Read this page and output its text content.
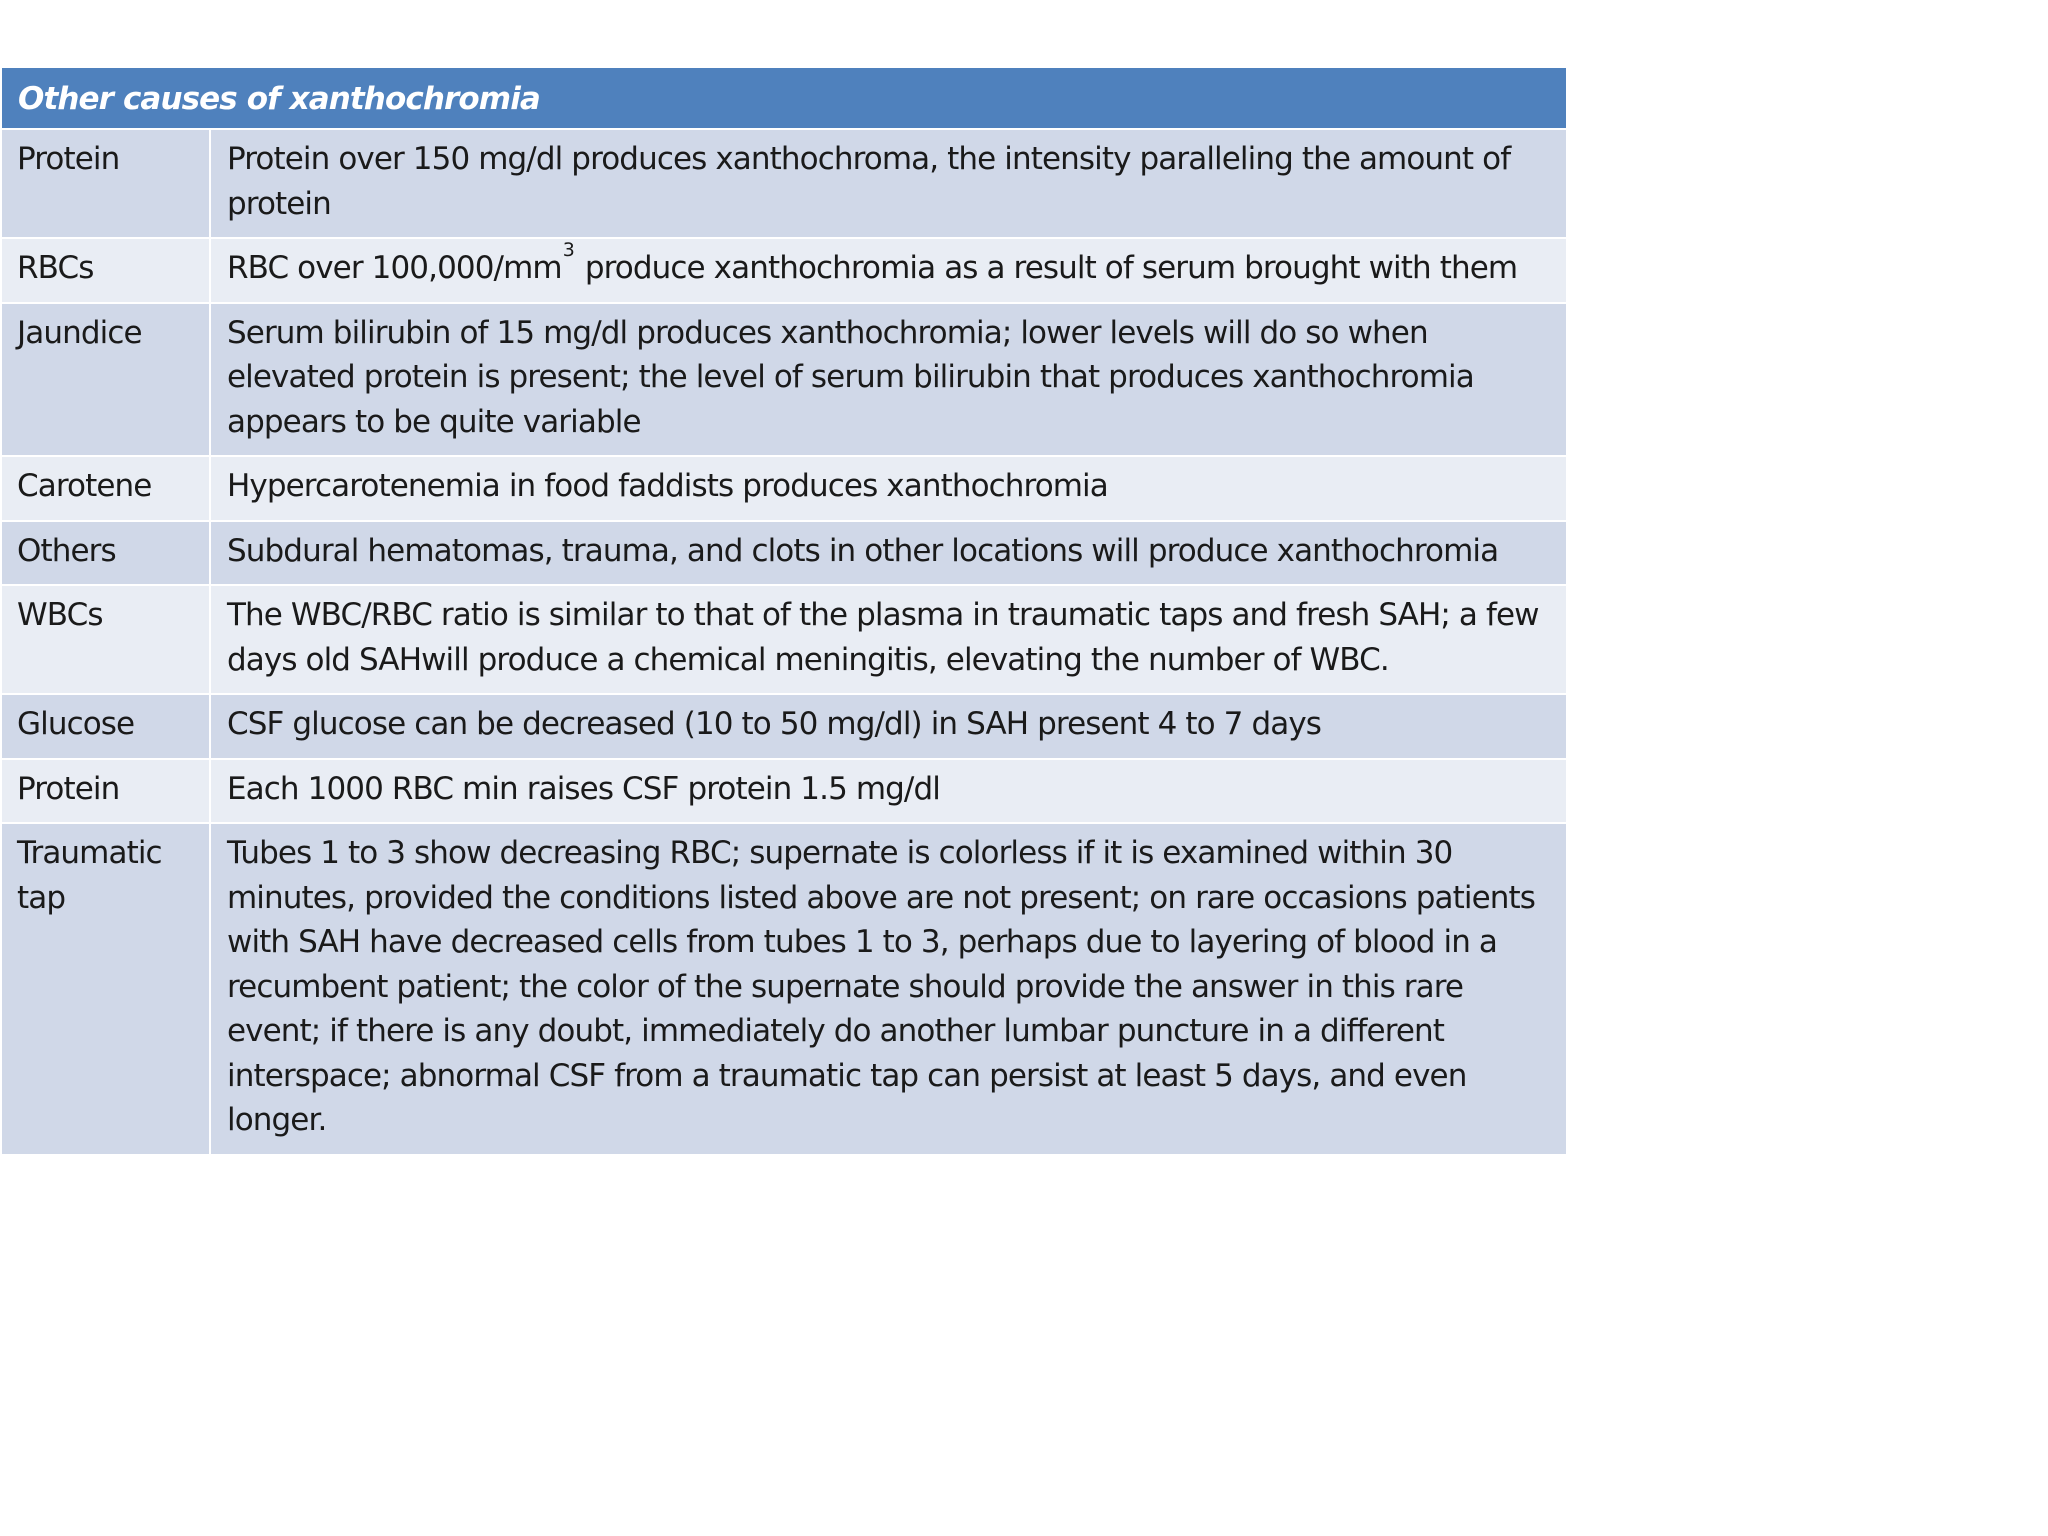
Other causes of xanthochromia	
Protein	Protein over 150 mg/dl produces xanthochroma, the intensity paralleling the amount of protein
RBCs	RBC over $100,000/mm^3$ produce xanthochromia as a result of serum brought with them
Jaundice	Serum bilirubin of 15 mg/dl produces xanthochromia; lower levels will do so when elevated protein is present; the level of serum bilirubin that produces xanthochromia appears to be quite variable
Carotene	Hypercarotenemia in food faddists produces xanthochromia
Others	Subdural hematomas, trauma, and clots in other locations will produce xanthochromia
WBCs	The WBC/RBC ratio is similar to that of the plasma in traumatic taps and fresh SAH; a few days old SAHwill produce a chemical meningitis, elevating the number of WBC.
Glucose	CSF glucose can be decreased (10 to 50 mg/dl) in SAH present 4 to 7 days
Protein	Each 1000 RBC min raises CSF protein 1.5 mg/dl
Traumatic tap	Tubes 1 to 3 show decreasing RBC; supernate is colorless if it is examined within 30 minutes, provided the conditions listed above are not present; on rare occasions patients with SAH have decreased cells from tubes 1 to 3, perhaps due to layering of blood in a recumbent patient; the color of the supernate should provide the answer in this rare event; if there is any doubt, immediately do another lumbar puncture in a different interspace; abnormal CSF from a traumatic tap can persist at least 5 days, and even longer.
